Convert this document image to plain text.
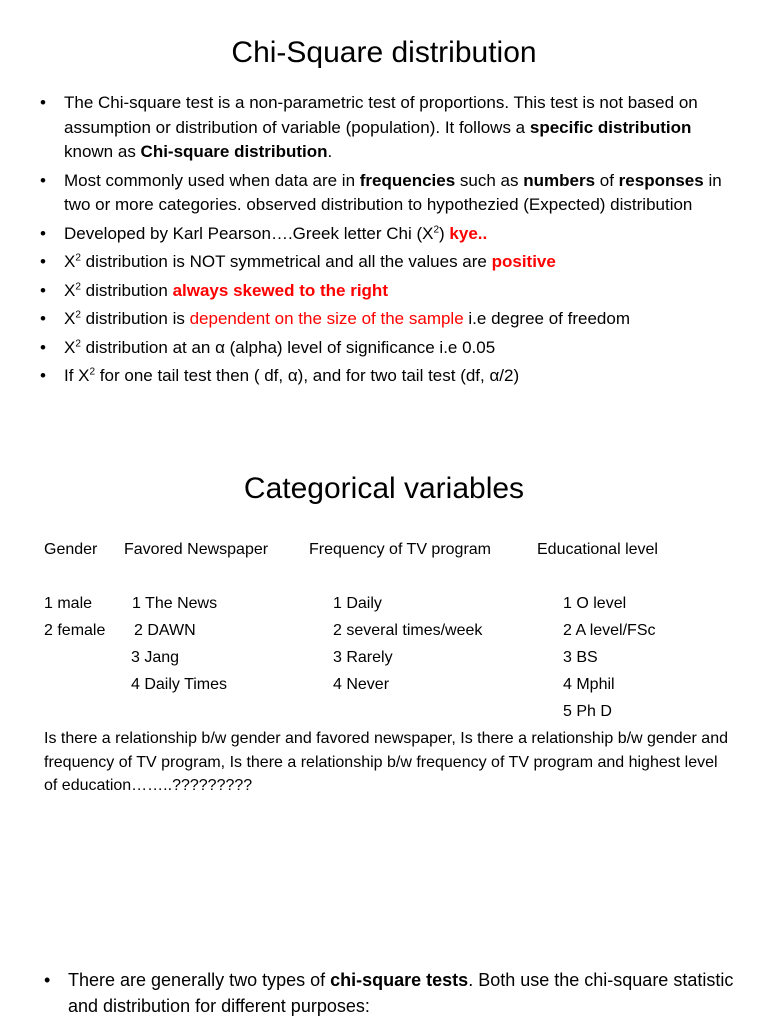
Chi-Square distribution
• The Chi-square test is a non-parametric test of proportions. This test is not based on assumption or distribution of variable (population). It follows a specific distribution known as Chi-square distribution.
• Most commonly used when data are in frequencies such as numbers of responses in two or more categories. observed distribution to hypothezied (Expected) distribution
• Developed by Karl Pearson….Greek letter Chi $(X^2)$ kye..
• $X^2$ distribution is NOT symmetrical and all the values are positive
• $X^2$ distribution always skewed to the right
• $X^2$ distribution is dependent on the size of the sample i.e degree of freedom
• $X^2$ distribution at an α (alpha) level of significance i.e 0.05
• If $X^2$ for one tail test then ( df, α), and for two tail test (df, α/2)
Categorical variables
Gender Favored Newspaper	Frequency of TV program	Educational level
1 male
2 female
1 The News
2 DAWN
3 Jang
4 Daily Times
1 Daily
2 several times/week
3 Rarely
4 Never
1 O level
2 A level/FSc
3 BS
4 Mphil
5 Ph D
Is there a relationship b/w gender and favored newspaper, Is there a relationship b/w gender and frequency of TV program, Is there a relationship b/w frequency of TV program and highest level of education……..?????????
• There are generally two types of chi-square tests. Both use the chi-square statistic and distribution for different purposes:
